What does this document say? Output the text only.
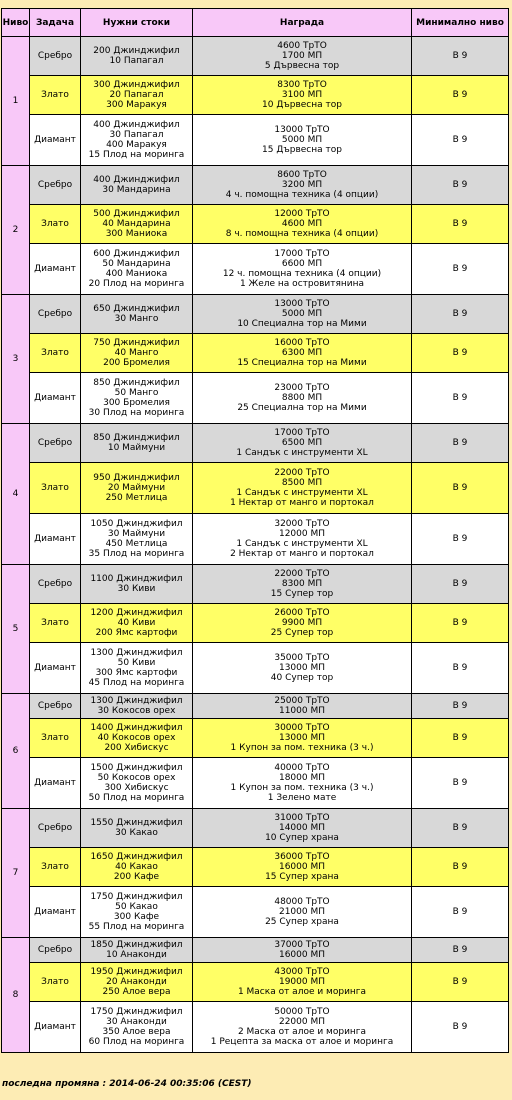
Ниво	Задача	Нужни стоки	Награда	Минимално ниво
1	Сребро	200 Джинджифил
10 Папагал	4600 ТрТО
1700 МП
5 Дървесна тор	В 9
	Злато	300 Джинджифил
20 Папагал
300 Маракуя	8300 ТрТО
3100 МП
10 Дървесна тор	В 9
	Диамант	400 Джинджифил
30 Папагал
400 Маракуя
15 Плод на моринга	13000 ТрТО
5000 МП
15 Дървесна тор	В 9
2	Сребро	400 Джинджифил
30 Мандарина	8600 ТрТО
3200 МП
4 ч. помощна техника (4 опции)	В 9
	Злато	500 Джинджифил
40 Мандарина
300 Маниока	12000 ТрТО
4600 МП
8 ч. помощна техника (4 опции)	В 9
	Диамант	600 Джинджифил
50 Мандарина
400 Маниока
20 Плод на моринга	17000 ТрТО
6600 МП
12 ч. помощна техника (4 опции)
1 Желе на островитянина	В 9
3	Сребро	650 Джинджифил
30 Манго	13000 ТрТО
5000 МП
10 Специална тор на Мими	В 9
	Злато	750 Джинджифил
40 Манго
200 Бромелия	16000 ТрТО
6300 МП
15 Специална тор на Мими	В 9
	Диамант	850 Джинджифил
50 Манго
300 Бромелия
30 Плод на моринга	23000 ТрТО
8800 МП
25 Специална тор на Мими	В 9
4	Сребро	850 Джинджифил
10 Маймуни	17000 ТрТО
6500 МП
1 Сандък с инструменти XL	В 9
	Злато	950 Джинджифил
20 Маймуни
250 Метлица	22000 ТрТО
8500 МП
1 Сандък с инструменти XL
1 Нектар от манго и портокал	В 9
	Диамант	1050 Джинджифил
30 Маймуни
450 Метлица
35 Плод на моринга	32000 ТрТО
12000 МП
1 Сандък с инструменти XL
2 Нектар от манго и портокал	В 9
5	Сребро	1100 Джинджифил
30 Киви	22000 ТрТО
8300 МП
15 Супер тор	В 9
	Злато	1200 Джинджифил
40 Киви
200 Ямс картофи	26000 ТрТО
9900 МП
25 Супер тор	В 9
	Диамант	1300 Джинджифил
50 Киви
300 Ямс картофи
45 Плод на моринга	35000 ТрТО
13000 МП
40 Супер тор	В 9
6	Сребро	1300 Джинджифил
30 Кокосов орех	25000 ТрТО
11000 МП	В 9
	Злато	1400 Джинджифил
40 Кокосов орех
200 Хибискус	30000 ТрТО
13000 МП
1 Купон за пом. техника (3 ч.)	В 9
	Диамант	1500 Джинджифил
50 Кокосов орех
300 Хибискус
50 Плод на моринга	40000 ТрТО
18000 МП
1 Купон за пом. техника (3 ч.)
1 Зелено мате	В 9
7	Сребро	1550 Джинджифил
30 Какао	31000 ТрТО
14000 МП
10 Супер храна	В 9
	Злато	1650 Джинджифил
40 Какао
200 Кафе	36000 ТрТО
16000 МП
15 Супер храна	В 9
	Диамант	1750 Джинджифил
50 Какао
300 Кафе
55 Плод на моринга	48000 ТрТО
21000 МП
25 Супер храна	В 9
8	Сребро	1850 Джинджифил
10 Анаконди	37000 ТрТО
16000 МП	В 9
	Злато	1950 Джинджифил
20 Анаконди
250 Алое вера	43000 ТрТО
19000 МП
1 Маска от алое и моринга	В 9
	Диамант	1750 Джинджифил
30 Анаконди
350 Алое вера
60 Плод на моринга	50000 ТрТО
22000 МП
2 Маска от алое и моринга
1 Рецепта за маска от алое и моринга	В 9
последна промяна : 2014-06-24 00:35:06 (CEST)
